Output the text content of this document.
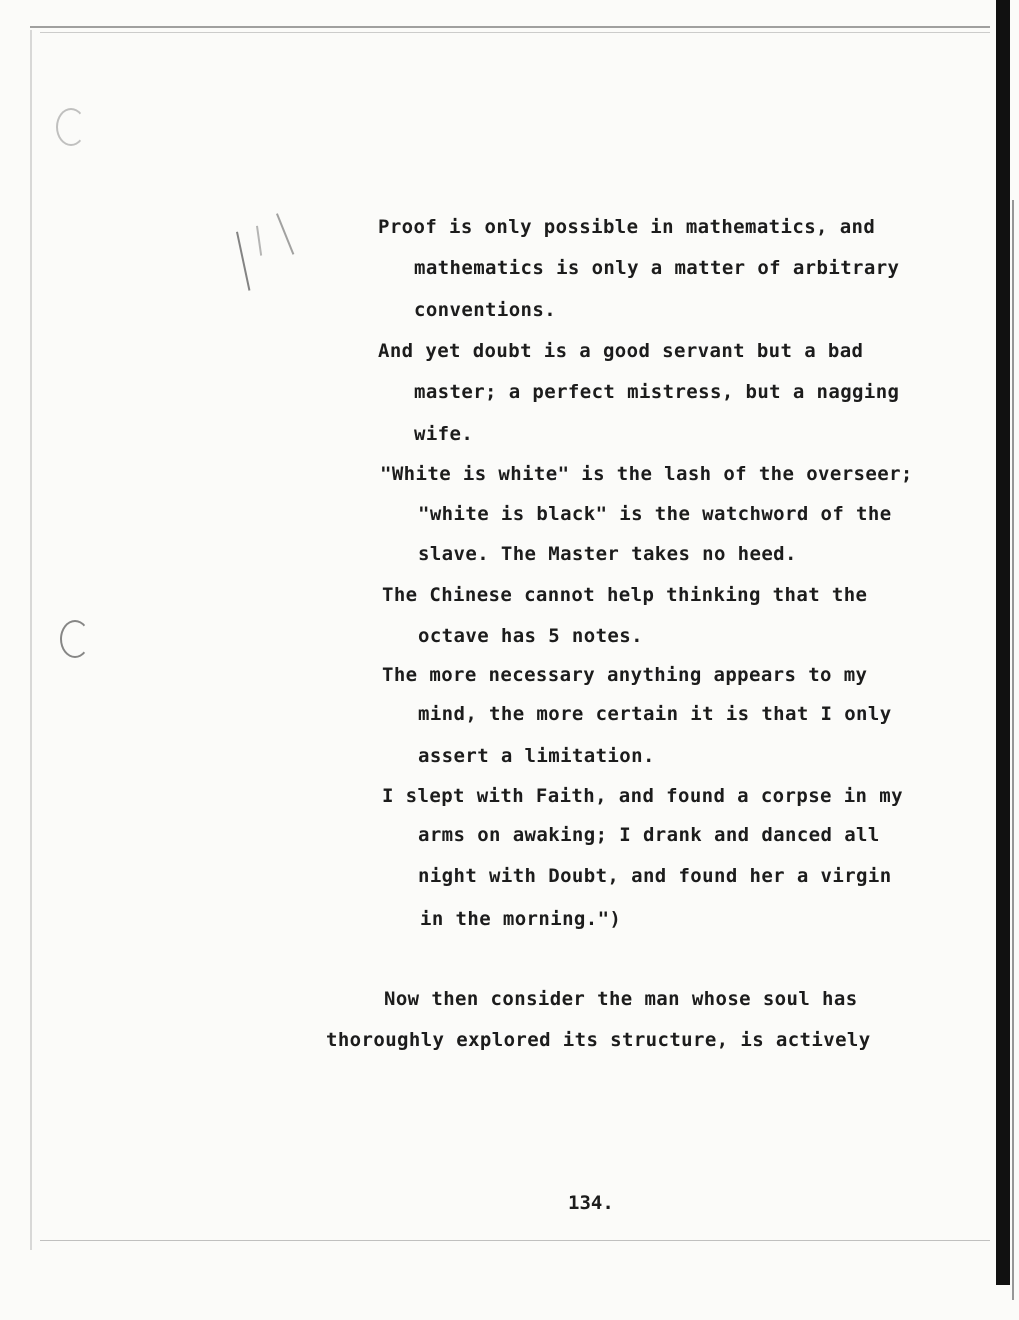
Proof is only possible in mathematics, and
mathematics is only a matter of arbitrary
conventions.
And yet doubt is a good servant but a bad
master; a perfect mistress, but a nagging
wife.
"White is white" is the lash of the overseer;
"white is black" is the watchword of the
slave. The Master takes no heed.
The Chinese cannot help thinking that the
octave has 5 notes.
The more necessary anything appears to my
mind, the more certain it is that I only
assert a limitation.
I slept with Faith, and found a corpse in my
arms on awaking; I drank and danced all
night with Doubt, and found her a virgin
in the morning.")
Now then consider the man whose soul has
thoroughly explored its structure, is actively
134.
